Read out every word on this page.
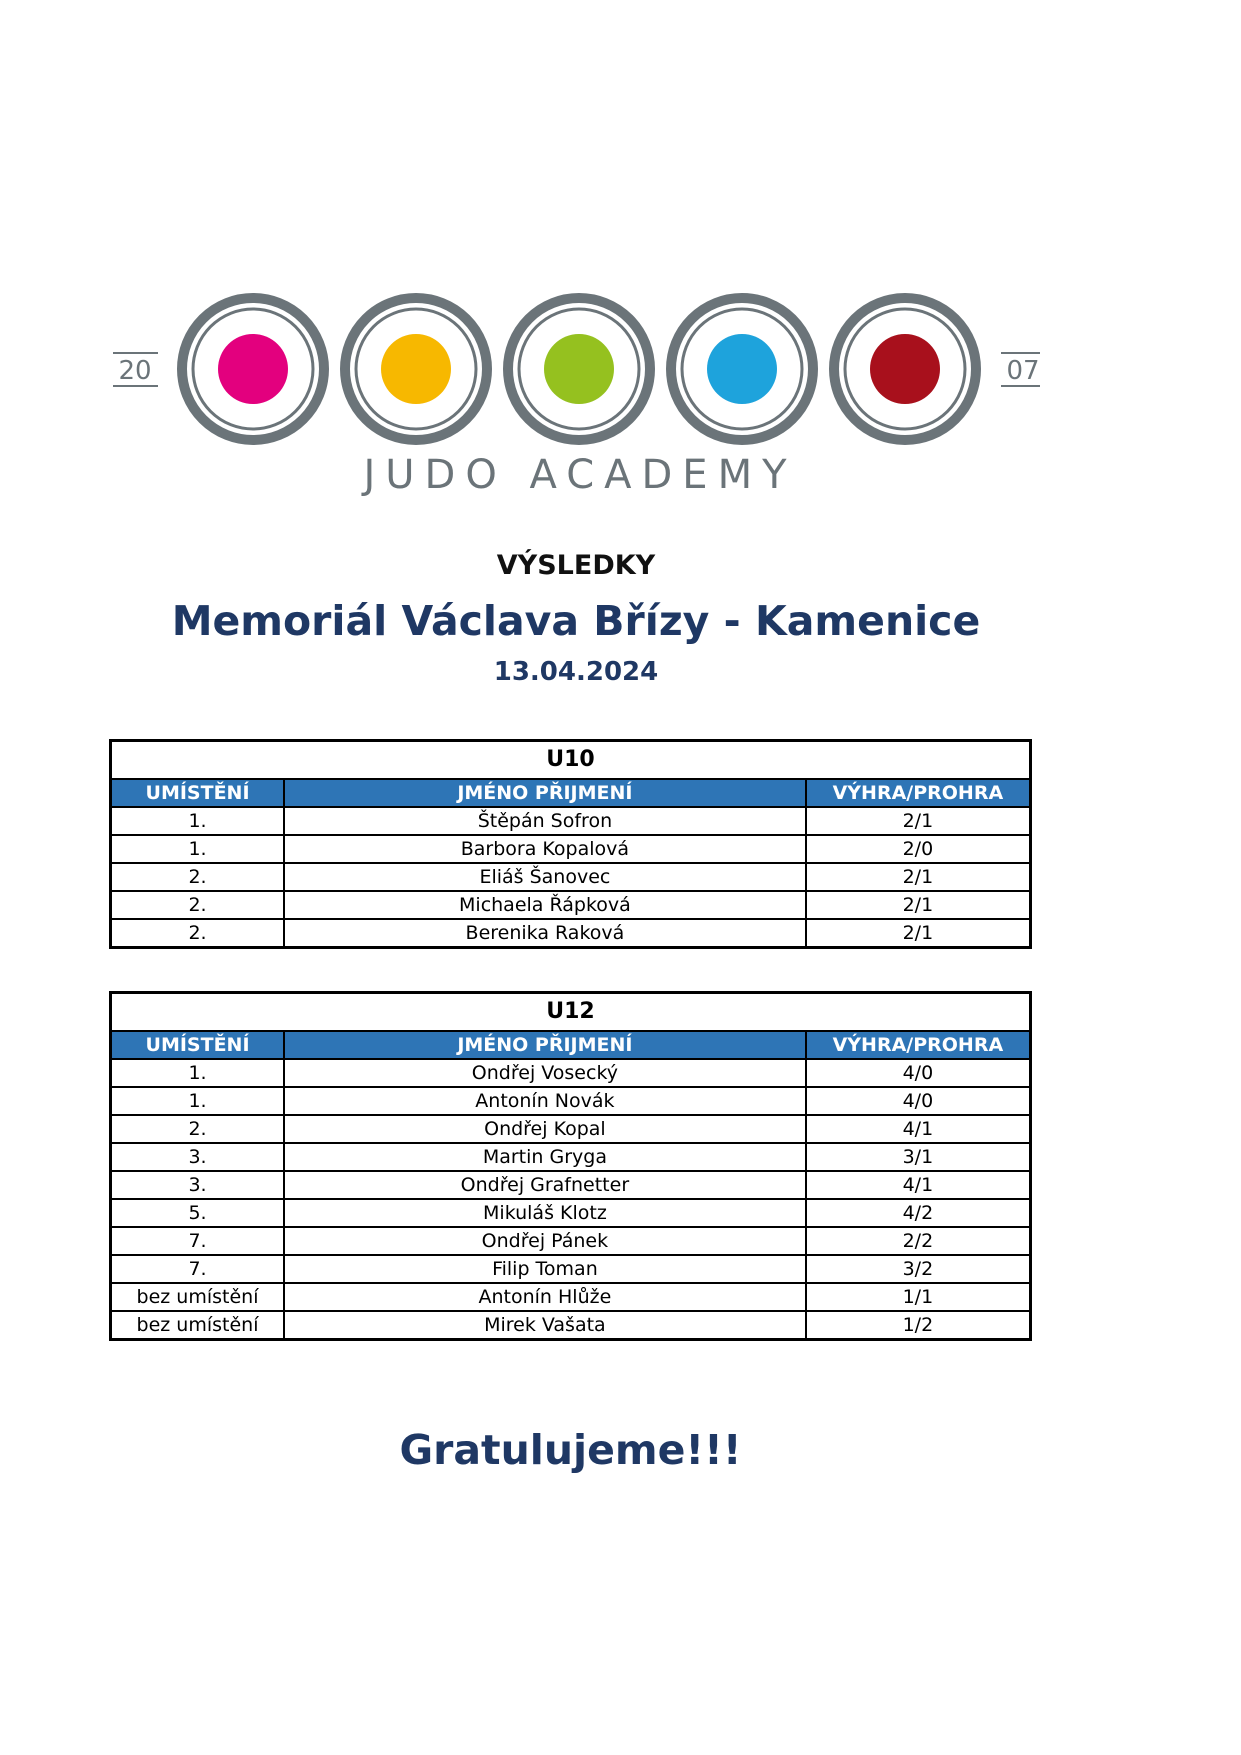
20	07
JUDO ACADEMY
VÝSLEDKY
Memoriál Václava Břízy - Kamenice
13.04.2024
U10		
UMÍSTĚNÍ	JMÉNO PŘIJMENÍ	VÝHRA/PROHRA
1.	Štěpán Sofron	2/1
1.	Barbora Kopalová	2/0
2.	Eliáš Šanovec	2/1
2.	Michaela Řápková	2/1
2.	Berenika Raková	2/1
U12		
UMÍSTĚNÍ	JMÉNO PŘIJMENÍ	VÝHRA/PROHRA
1.	Ondřej Vosecký	4/0
1.	Antonín Novák	4/0
2.	Ondřej Kopal	4/1
3.	Martin Gryga	3/1
3.	Ondřej Grafnetter	4/1
5.	Mikuláš Klotz	4/2
7.	Ondřej Pánek	2/2
7.	Filip Toman	3/2
bez umístění	Antonín Hlůže	1/1
bez umístění	Mirek Vašata	1/2
Gratulujeme!!!
